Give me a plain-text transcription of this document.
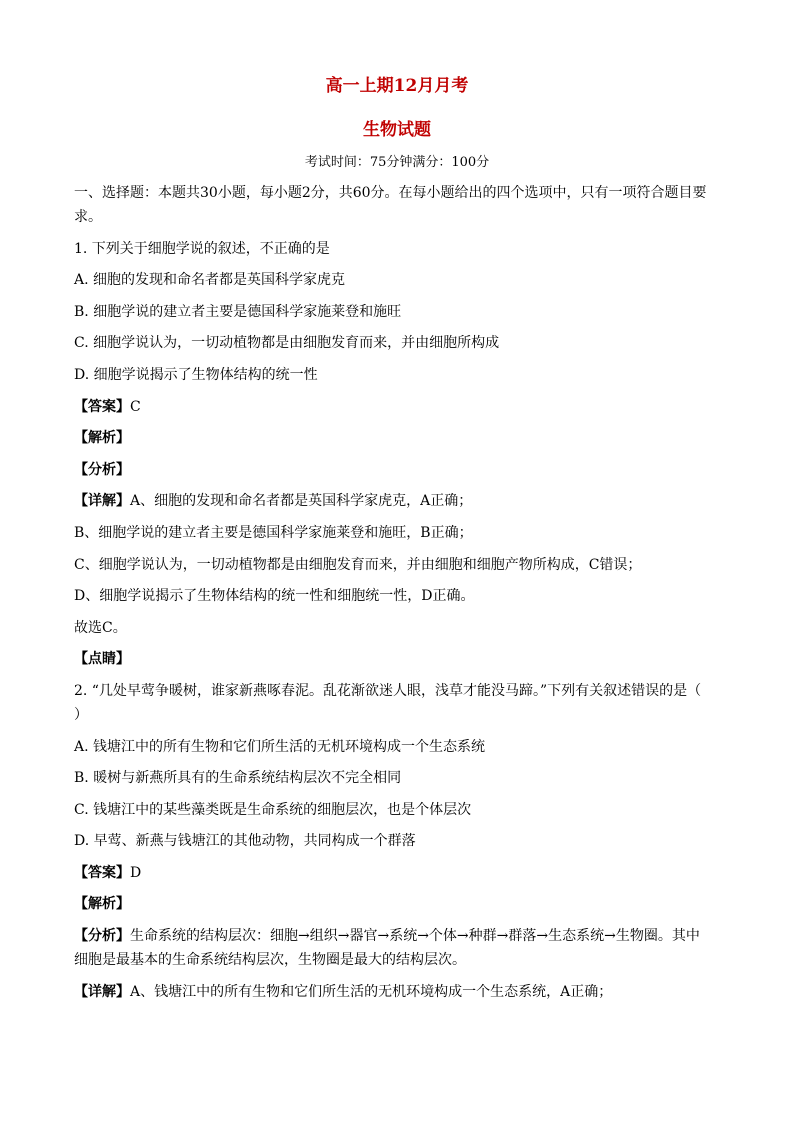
高一上期12月月考
生物试题
考试时间：75分钟满分：100分
一、选择题：本题共30小题，每小题2分，共60分。在每小题给出的四个选项中，只有一项符合题目要
求。
1. 下列关于细胞学说的叙述，不正确的是
A. 细胞的发现和命名者都是英国科学家虎克
B. 细胞学说的建立者主要是德国科学家施莱登和施旺
C. 细胞学说认为，一切动植物都是由细胞发育而来，并由细胞所构成
D. 细胞学说揭示了生物体结构的统一性
【答案】C
【解析】
【分析】
【详解】A、细胞的发现和命名者都是英国科学家虎克，A正确；
B、细胞学说的建立者主要是德国科学家施莱登和施旺，B正确；
C、细胞学说认为，一切动植物都是由细胞发育而来，并由细胞和细胞产物所构成，C错误；
D、细胞学说揭示了生物体结构的统一性和细胞统一性，D正确。
故选C。
【点睛】
2. “几处早莺争暖树，谁家新燕啄春泥。乱花渐欲迷人眼，浅草才能没马蹄。”下列有关叙述错误的是（
）
A. 钱塘江中的所有生物和它们所生活的无机环境构成一个生态系统
B. 暖树与新燕所具有的生命系统结构层次不完全相同
C. 钱塘江中的某些藻类既是生命系统的细胞层次，也是个体层次
D. 早莺、新燕与钱塘江的其他动物，共同构成一个群落
【答案】D
【解析】
【分析】生命系统的结构层次：细胞→组织→器官→系统→个体→种群→群落→生态系统→生物圈。其中
细胞是最基本的生命系统结构层次，生物圈是最大的结构层次。
【详解】A、钱塘江中的所有生物和它们所生活的无机环境构成一个生态系统，A正确；
